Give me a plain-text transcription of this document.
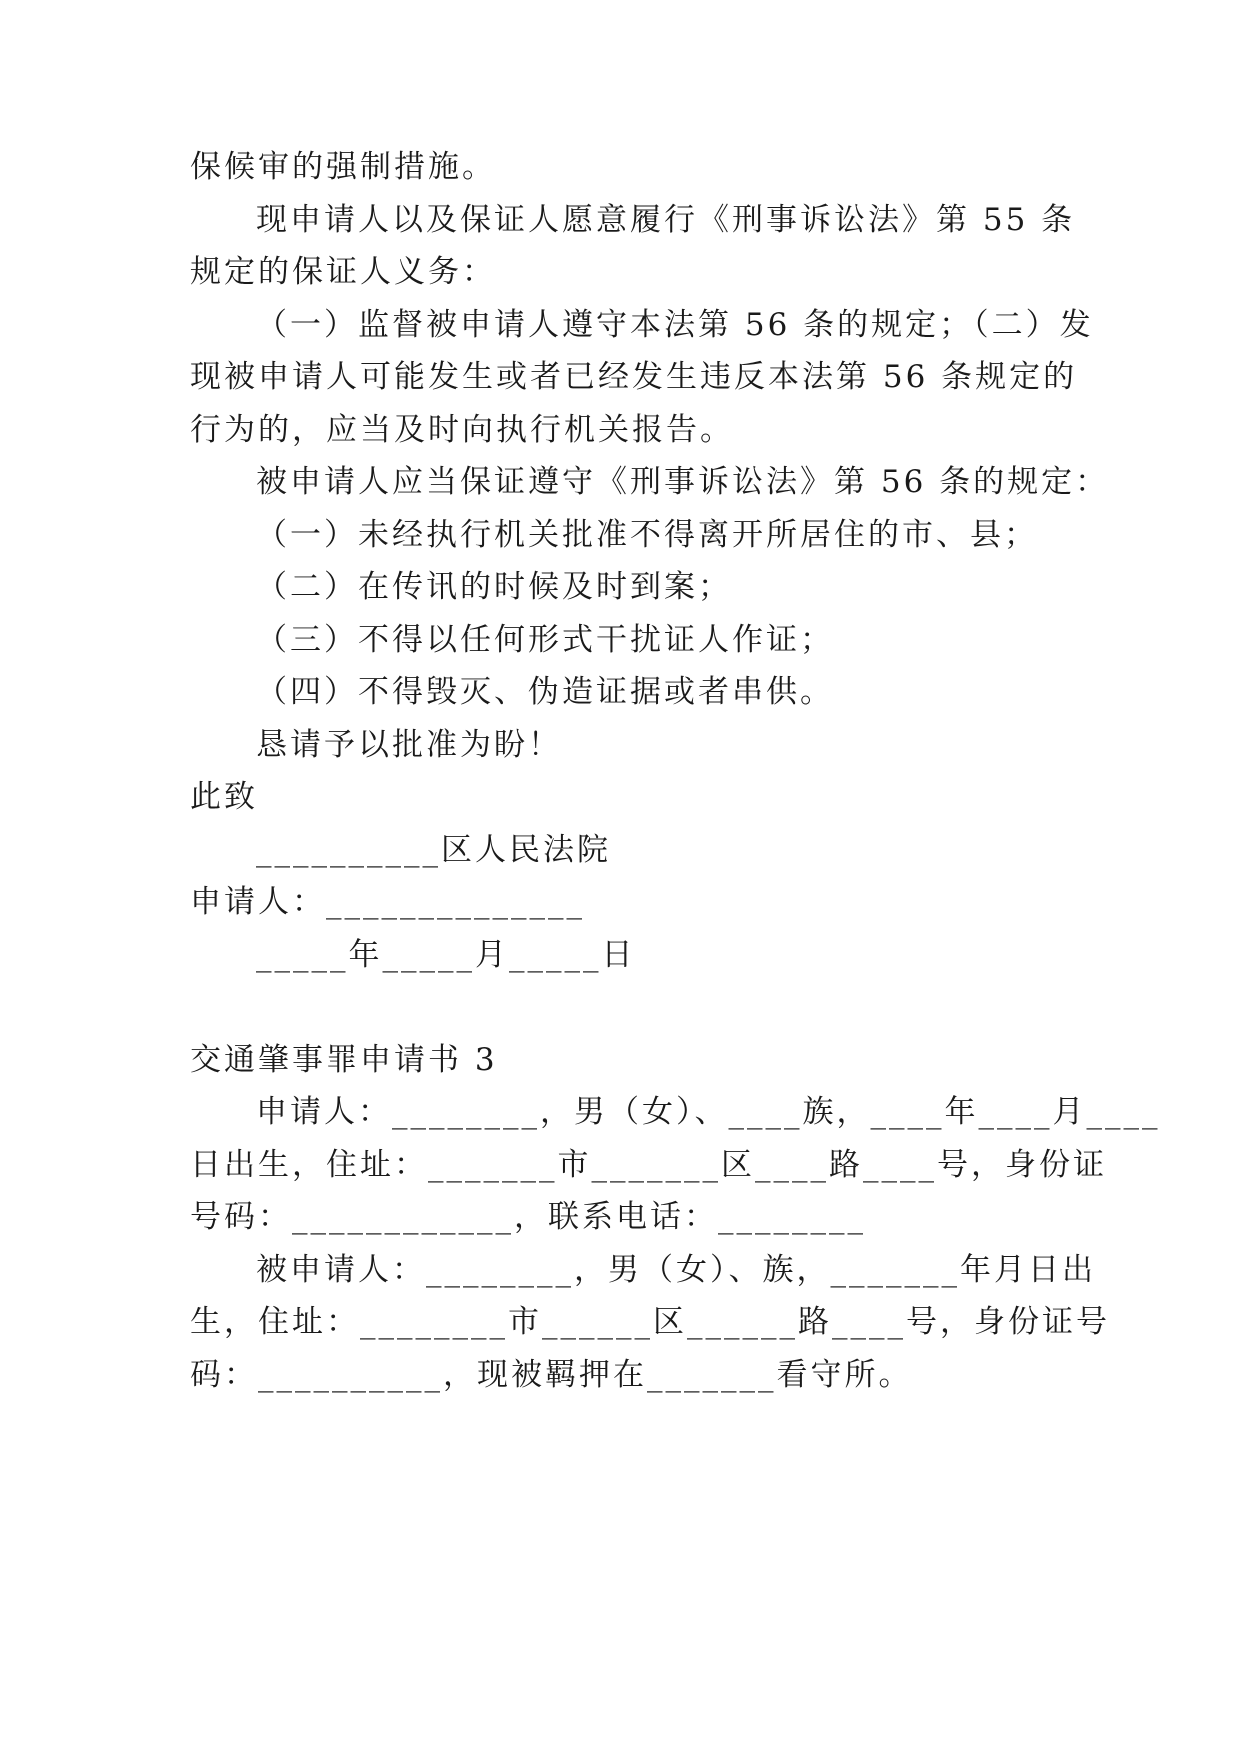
保候审的强制措施。
现申请人以及保证人愿意履行《刑事诉讼法》第 55 条
规定的保证人义务：
（一）监督被申请人遵守本法第 56 条的规定；（二）发
现被申请人可能发生或者已经发生违反本法第 56 条规定的
行为的，应当及时向执行机关报告。
被申请人应当保证遵守《刑事诉讼法》第 56 条的规定：
（一）未经执行机关批准不得离开所居住的市、县；
（二）在传讯的时候及时到案；
（三）不得以任何形式干扰证人作证；
（四）不得毁灭、伪造证据或者串供。
恳请予以批准为盼！
此致
__________区人民法院
申请人：______________
_____年_____月_____日
交通肇事罪申请书 3
申请人：________，男（女）、____族，____年____月____
日出生，住址：_______市_______区____路____号，身份证
号码：____________，联系电话：________
被申请人：________，男（女）、族，_______年月日出
生，住址：________市______区______路____号，身份证号
码：__________，现被羁押在_______看守所。
